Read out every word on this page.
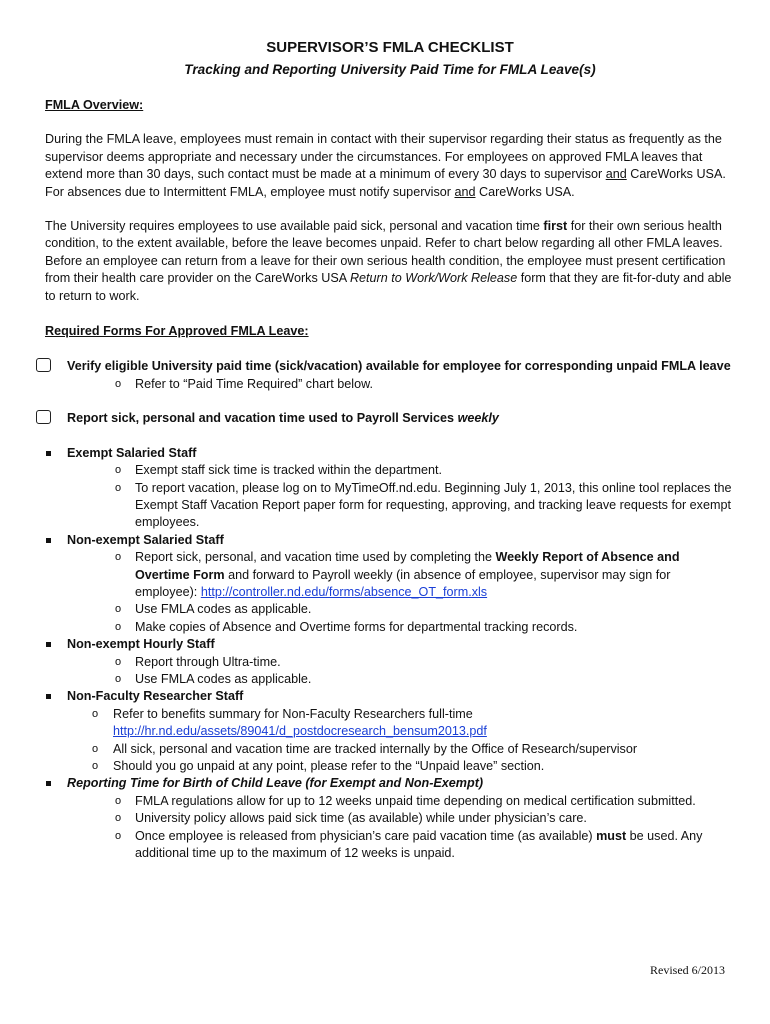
SUPERVISOR’S FMLA CHECKLIST
Tracking and Reporting University Paid Time for FMLA Leave(s)

FMLA Overview:

During the FMLA leave, employees must remain in contact with their supervisor regarding their status as frequently as the supervisor deems appropriate and necessary under the circumstances. For employees on approved FMLA leaves that extend more than 30 days, such contact must be made at a minimum of every 30 days to supervisor and CareWorks USA. For absences due to Intermittent FMLA, employee must notify supervisor and CareWorks USA.

The University requires employees to use available paid sick, personal and vacation time first for their own serious health condition, to the extent available, before the leave becomes unpaid. Refer to chart below regarding all other FMLA leaves. Before an employee can return from a leave for their own serious health condition, the employee must present certification from their health care provider on the CareWorks USA Return to Work/Work Release form that they are fit-for-duty and able to return to work.

Required Forms For Approved FMLA Leave:

Verify eligible University paid time (sick/vacation) available for employee for corresponding unpaid FMLA leave
o Refer to “Paid Time Required” chart below.
Report sick, personal and vacation time used to Payroll Services weekly
Exempt Salaried Staff
o Exempt staff sick time is tracked within the department.
o To report vacation, please log on to MyTimeOff.nd.edu. Beginning July 1, 2013, this online tool replaces the Exempt Staff Vacation Report paper form for requesting, approving, and tracking leave requests for exempt employees.
Non-exempt Salaried Staff
o Report sick, personal, and vacation time used by completing the Weekly Report of Absence and Overtime Form and forward to Payroll weekly (in absence of employee, supervisor may sign for employee): http://controller.nd.edu/forms/absence_OT_form.xls
o Use FMLA codes as applicable.
o Make copies of Absence and Overtime forms for departmental tracking records.
Non-exempt Hourly Staff
o Report through Ultra-time.
o Use FMLA codes as applicable.
Non-Faculty Researcher Staff
o Refer to benefits summary for Non-Faculty Researchers full-time
http://hr.nd.edu/assets/89041/d_postdocresearch_bensum2013.pdf
o All sick, personal and vacation time are tracked internally by the Office of Research/supervisor
o Should you go unpaid at any point, please refer to the “Unpaid leave” section.
Reporting Time for Birth of Child Leave (for Exempt and Non-Exempt)
o FMLA regulations allow for up to 12 weeks unpaid time depending on medical certification submitted.
o University policy allows paid sick time (as available) while under physician’s care.
o Once employee is released from physician’s care paid vacation time (as available) must be used. Any additional time up to the maximum of 12 weeks is unpaid.
Revised 6/2013
